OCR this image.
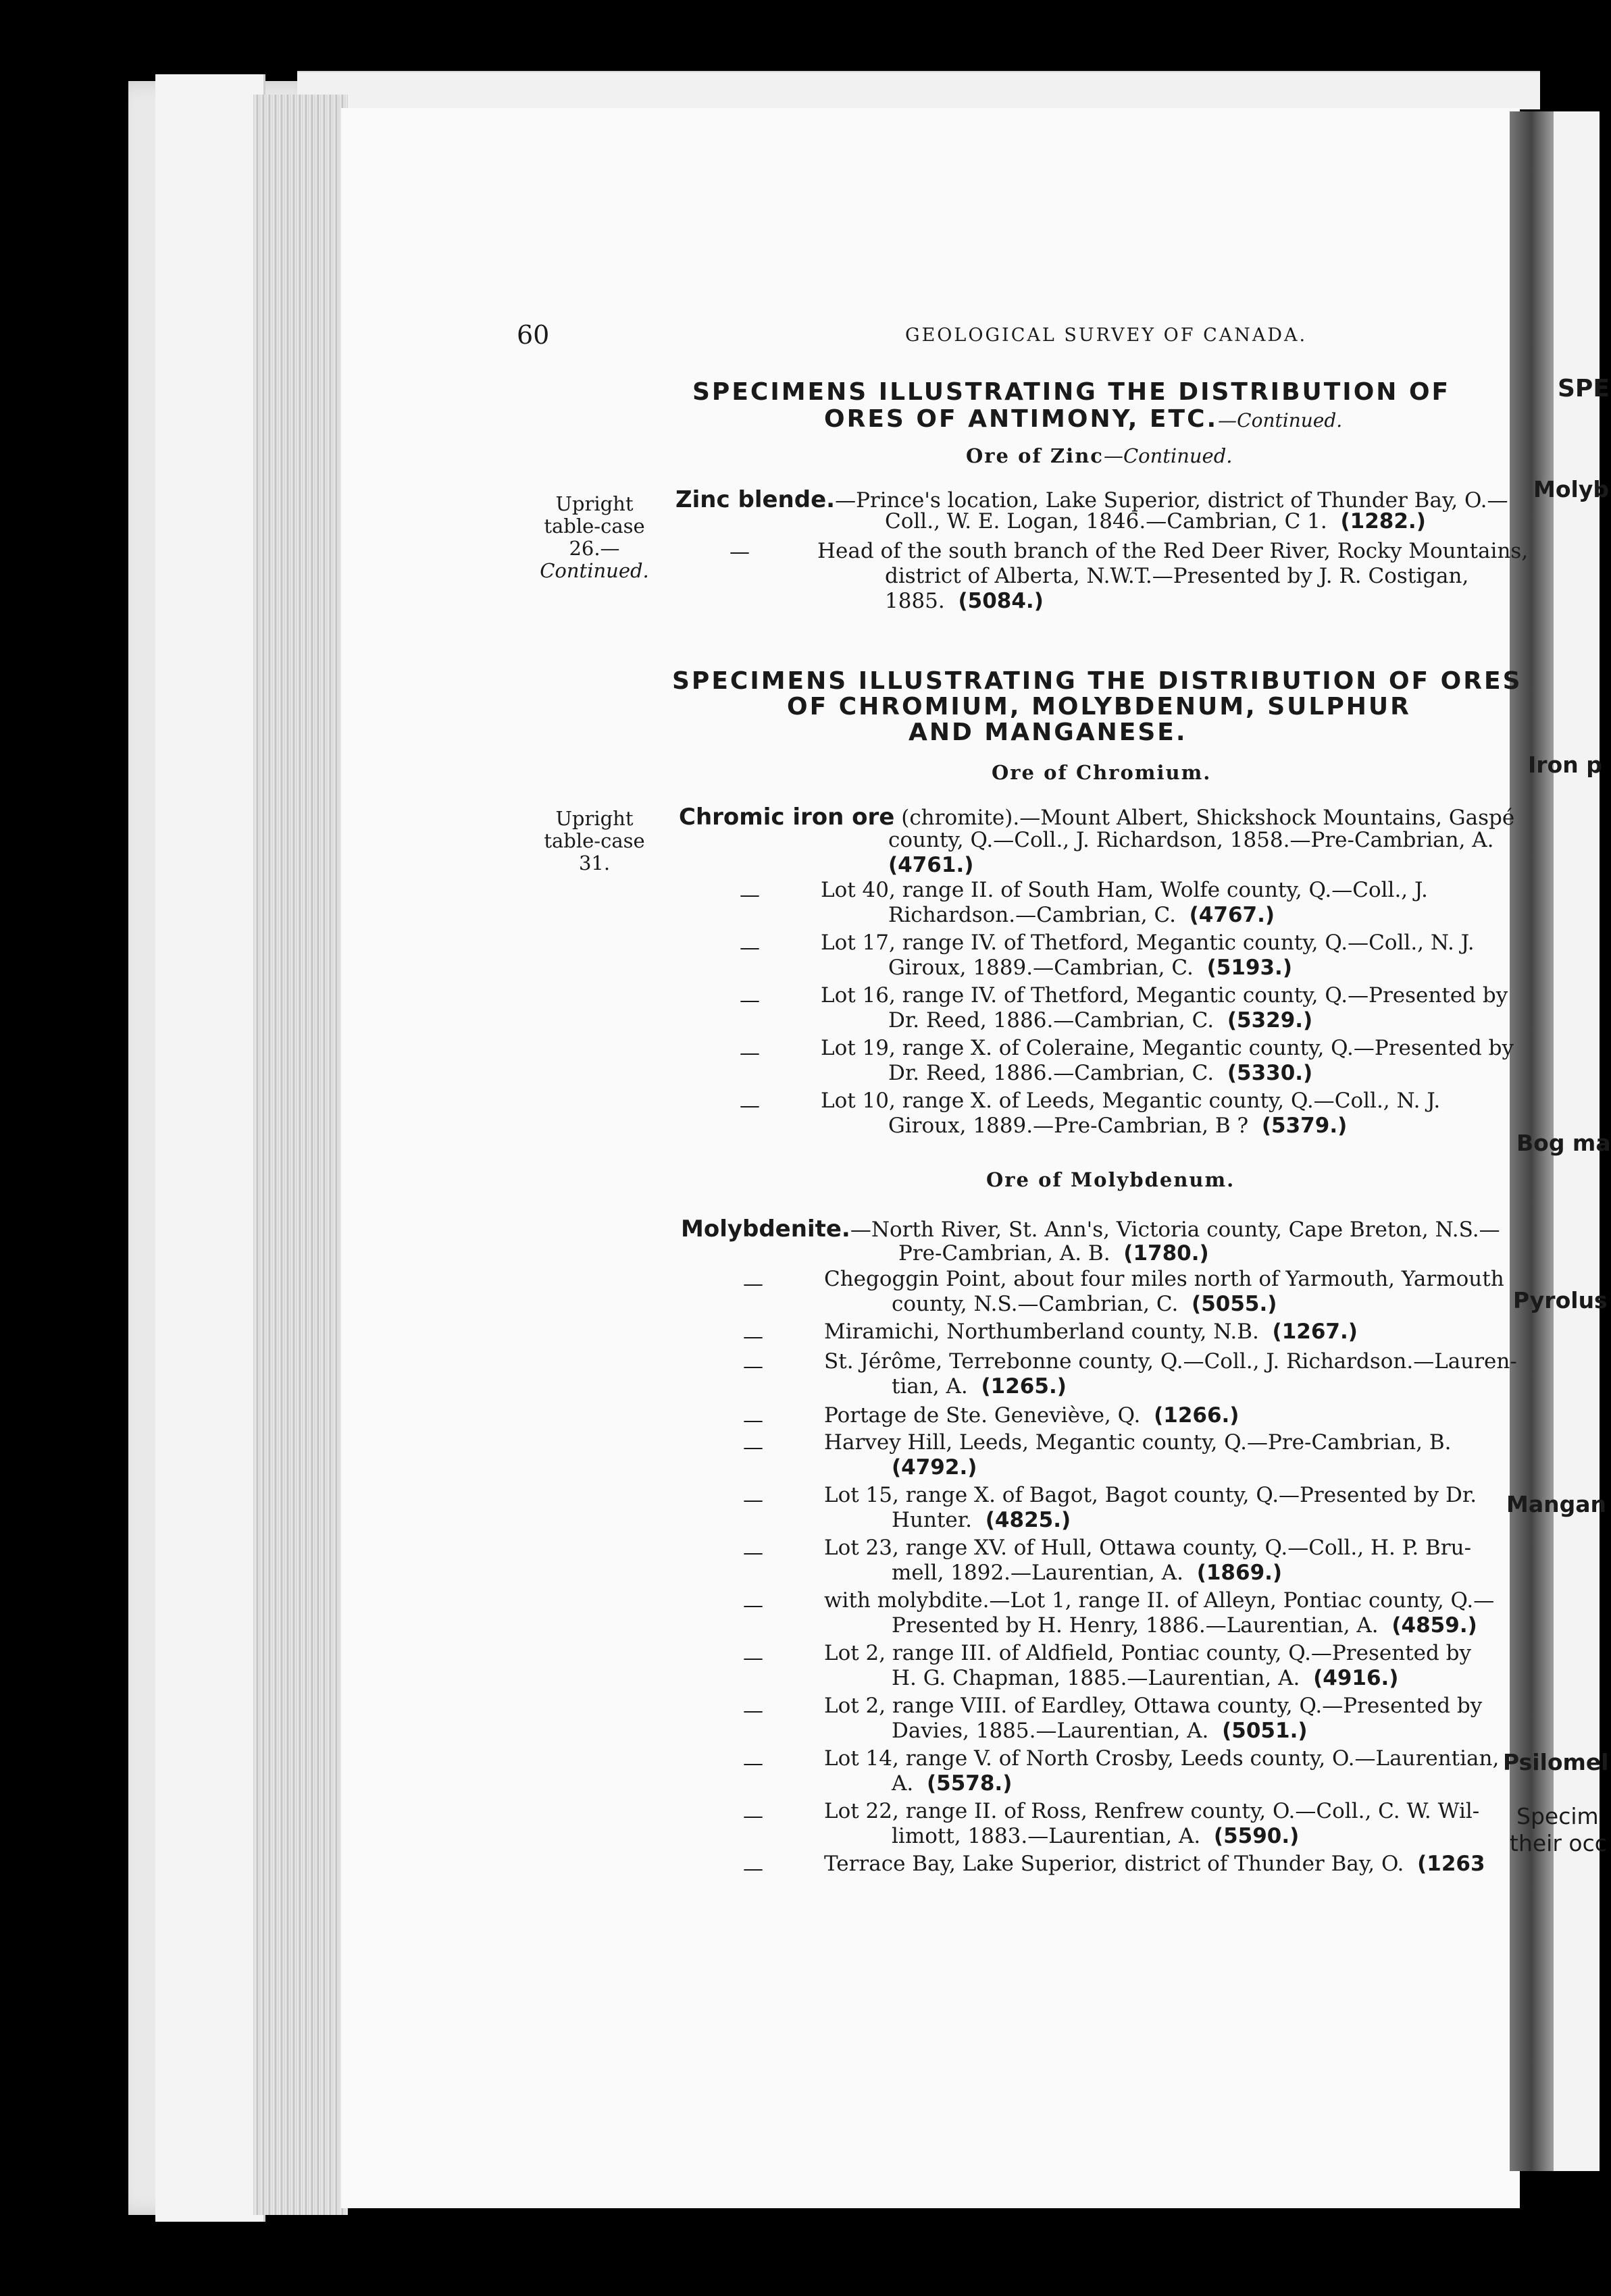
60	GEOLOGICAL SURVEY OF CANADA.
SPECIMENS ILLUSTRATING THE DISTRIBUTION OF
ORES OF ANTIMONY, ETC.—Continued.
Ore of Zinc—Continued.
Upright
table-case
26.—
Continued.
Zinc blende.—Prince's location, Lake Superior, district of Thunder Bay, O.—
Coll., W. E. Logan, 1846.—Cambrian, C 1. (1282.)
—	Head of the south branch of the Red Deer River, Rocky Mountains,
district of Alberta, N.W.T.—Presented by J. R. Costigan,
1885. (5084.)
SPECIMENS ILLUSTRATING THE DISTRIBUTION OF ORES
OF CHROMIUM, MOLYBDENUM, SULPHUR
AND MANGANESE.
Ore of Chromium.
Upright
table-case
31.
Chromic iron ore (chromite).—Mount Albert, Shickshock Mountains, Gaspé
county, Q.—Coll., J. Richardson, 1858.—Pre-Cambrian, A.
(4761.)
—	Lot 40, range II. of South Ham, Wolfe county, Q.—Coll., J.
Richardson.—Cambrian, C. (4767.)
—	Lot 17, range IV. of Thetford, Megantic county, Q.—Coll., N. J.
Giroux, 1889.—Cambrian, C. (5193.)
—	Lot 16, range IV. of Thetford, Megantic county, Q.—Presented by
Dr. Reed, 1886.—Cambrian, C. (5329.)
—	Lot 19, range X. of Coleraine, Megantic county, Q.—Presented by
Dr. Reed, 1886.—Cambrian, C. (5330.)
—	Lot 10, range X. of Leeds, Megantic county, Q.—Coll., N. J.
Giroux, 1889.—Pre-Cambrian, B ? (5379.)
Ore of Molybdenum.
Molybdenite.—North River, St. Ann's, Victoria county, Cape Breton, N.S.—
Pre-Cambrian, A. B. (1780.)
—	Chegoggin Point, about four miles north of Yarmouth, Yarmouth
county, N.S.—Cambrian, C. (5055.)
—	Miramichi, Northumberland county, N.B. (1267.)
—	St. Jérôme, Terrebonne county, Q.—Coll., J. Richardson.—Lauren-
tian, A. (1265.)
—	Portage de Ste. Geneviève, Q. (1266.)
—	Harvey Hill, Leeds, Megantic county, Q.—Pre-Cambrian, B.
(4792.)
—	Lot 15, range X. of Bagot, Bagot county, Q.—Presented by Dr.
Hunter. (4825.)
—	Lot 23, range XV. of Hull, Ottawa county, Q.—Coll., H. P. Bru-
mell, 1892.—Laurentian, A. (1869.)
—	with molybdite.—Lot 1, range II. of Alleyn, Pontiac county, Q.—
Presented by H. Henry, 1886.—Laurentian, A. (4859.)
—	Lot 2, range III. of Aldfield, Pontiac county, Q.—Presented by
H. G. Chapman, 1885.—Laurentian, A. (4916.)
—	Lot 2, range VIII. of Eardley, Ottawa county, Q.—Presented by
Davies, 1885.—Laurentian, A. (5051.)
—	Lot 14, range V. of North Crosby, Leeds county, O.—Laurentian,
A. (5578.)
—	Lot 22, range II. of Ross, Renfrew county, O.—Coll., C. W. Wil-
limott, 1883.—Laurentian, A. (5590.)
—	Terrace Bay, Lake Superior, district of Thunder Bay, O. (1263
SPE
Molyb
Iron p
Bog ma
Pyrolus
Mangan
Psilomel
Specim
their occ
